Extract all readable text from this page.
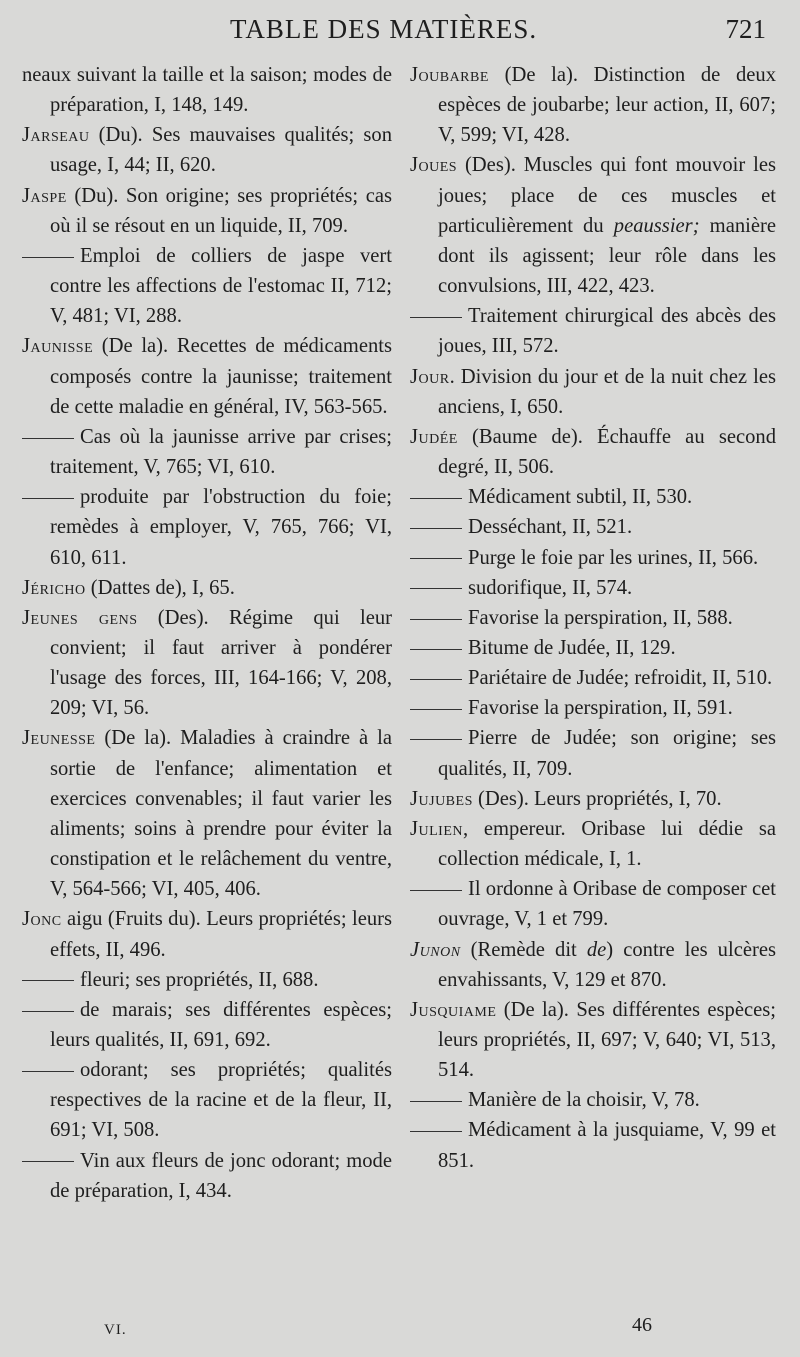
TABLE DES MATIÈRES.	721

neaux suivant la taille et la saison; modes de préparation, I, 148, 149.

Jarseau (Du). Ses mauvaises qualités; son usage, I, 44; II, 620.

Jaspe (Du). Son origine; ses propriétés; cas où il se résout en un liquide, II, 709.

Emploi de colliers de jaspe vert contre les affections de l'estomac II, 712; V, 481; VI, 288.

Jaunisse (De la). Recettes de médicaments composés contre la jaunisse; traitement de cette maladie en général, IV, 563-565.

Cas où la jaunisse arrive par crises; traitement, V, 765; VI, 610.

produite par l'obstruction du foie; remèdes à employer, V, 765, 766; VI, 610, 611.

Jéricho (Dattes de), I, 65.

Jeunes gens (Des). Régime qui leur convient; il faut arriver à pondérer l'usage des forces, III, 164-166; V, 208, 209; VI, 56.

Jeunesse (De la). Maladies à craindre à la sortie de l'enfance; alimentation et exercices convenables; il faut varier les aliments; soins à prendre pour éviter la constipation et le relâchement du ventre, V, 564-566; VI, 405, 406.

Jonc aigu (Fruits du). Leurs propriétés; leurs effets, II, 496.

fleuri; ses propriétés, II, 688.

de marais; ses différentes espèces; leurs qualités, II, 691, 692.

odorant; ses propriétés; qualités respectives de la racine et de la fleur, II, 691; VI, 508.

Vin aux fleurs de jonc odorant; mode de préparation, I, 434.

Joubarbe (De la). Distinction de deux espèces de joubarbe; leur action, II, 607; V, 599; VI, 428.

Joues (Des). Muscles qui font mouvoir les joues; place de ces muscles et particulièrement du peaussier; manière dont ils agissent; leur rôle dans les convulsions, III, 422, 423.

Traitement chirurgical des abcès des joues, III, 572.

Jour. Division du jour et de la nuit chez les anciens, I, 650.

Judée (Baume de). Échauffe au second degré, II, 506.

Médicament subtil, II, 530.

Desséchant, II, 521.

Purge le foie par les urines, II, 566.

sudorifique, II, 574.

Favorise la perspiration, II, 588.

Bitume de Judée, II, 129.

Pariétaire de Judée; refroidit, II, 510.

Favorise la perspiration, II, 591.

Pierre de Judée; son origine; ses qualités, II, 709.

Jujubes (Des). Leurs propriétés, I, 70.

Julien, empereur. Oribase lui dédie sa collection médicale, I, 1.

Il ordonne à Oribase de composer cet ouvrage, V, 1 et 799.

Junon (Remède dit de) contre les ulcères envahissants, V, 129 et 870.

Jusquiame (De la). Ses différentes espèces; leurs propriétés, II, 697; V, 640; VI, 513, 514.

Manière de la choisir, V, 78.

Médicament à la jusquiame, V, 99 et 851.

VI.	46
